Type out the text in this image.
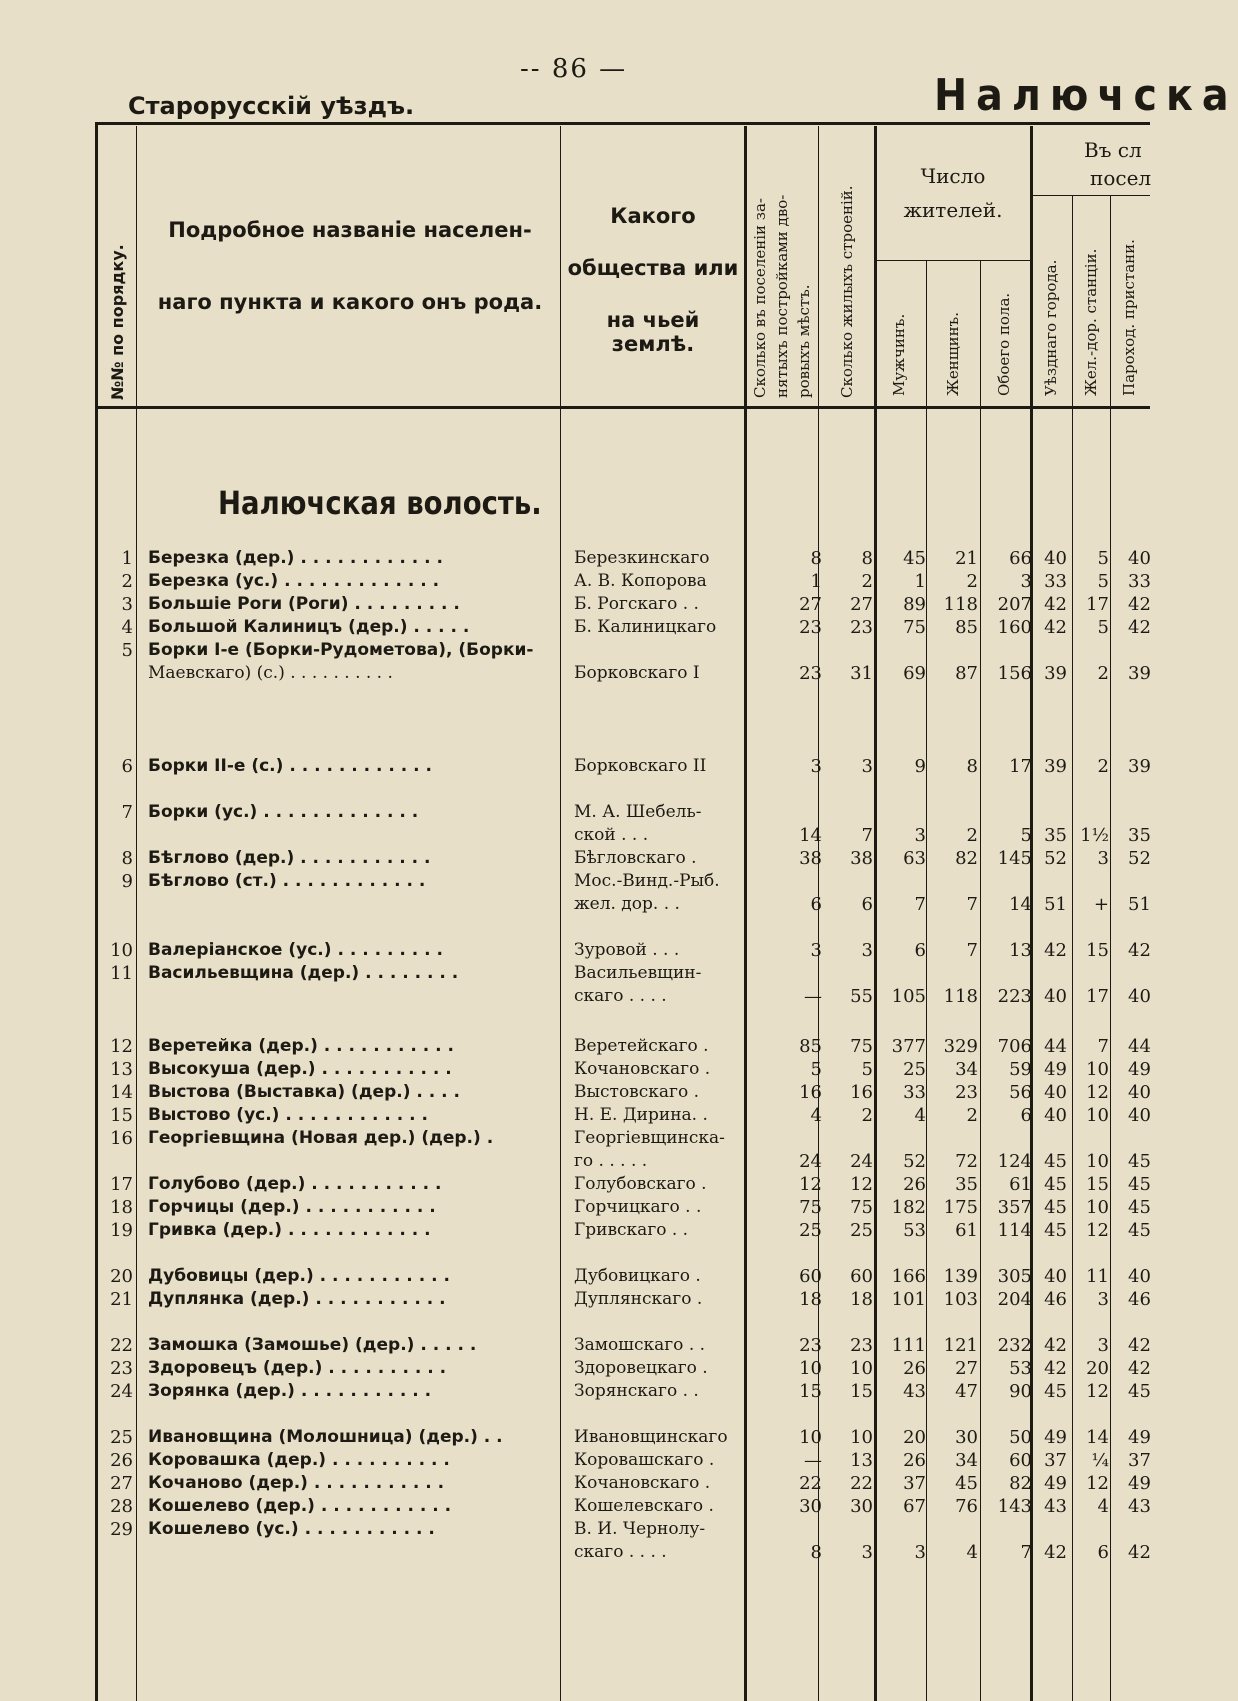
-- 86 —
Старорусскій уѣздъ.	Налючска
№№ по порядку.
Подробное названіе населен-
наго пункта и какого онъ рода.
Какого
общества или
на чьей землѣ.	Сколько въ поселеніи за- нятыхъ постройками дво- ровыхъ мѣстъ. Сколько жилыхъ строеній.
Число
жителей.
Мужчинъ. Женщинъ. Обоего пола.
Въ сл
посел
Уѣзднаго города. Жел.-дор. станціи. Пароход. пристани.
Налючская волость.
1 Березка (дер.) . . . . . . . . . . . .	Березкинскаго	8 8 45 21 66 40 5 40
2 Березка (ус.) . . . . . . . . . . . . .	А. В. Копорова	1 2 1 2 3 33 5 33
3 Большіе Роги (Роги) . . . . . . . . .	Б. Рогскаго . .	27 27 89 118 207 42 17 42
4 Большой Калиницъ (дер.) . . . . .	Б. Калиницкаго	23 23 75 85 160 42 5 42
5 Борки I-е (Борки-Рудометова), (Борки-
Маевскаго) (с.) . . . . . . . . . .	Борковскаго I	23 31 69 87 156 39 2 39
6 Борки II-е (с.) . . . . . . . . . . . .	Борковскаго II	3 3 9 8 17 39 2 39
7 Борки (ус.) . . . . . . . . . . . . .	М. А. Шебель-
ской . . .	14 7 3 2 5 35 1½ 35
8 Бѣглово (дер.) . . . . . . . . . . .	Бѣгловскаго .	38 38 63 82 145 52 3 52
9 Бѣглово (ст.) . . . . . . . . . . . .	Мос.-Винд.-Рыб.
жел. дор. . .	6 6 7 7 14 51 + 51
10 Валеріанское (ус.) . . . . . . . . .	Зуровой . . .	3 3 6 7 13 42 15 42
11 Васильевщина (дер.) . . . . . . . .	Васильевщин-
скаго . . . .	— 55 105 118 223 40 17 40
12 Веретейка (дер.) . . . . . . . . . . .	Веретейскаго .	85 75 377 329 706 44 7 44
13 Высокуша (дер.) . . . . . . . . . . .	Кочановскаго .	5 5 25 34 59 49 10 49
14 Выстова (Выставка) (дер.) . . . .	Выстовскаго .	16 16 33 23 56 40 12 40
15 Выстово (ус.) . . . . . . . . . . . .	Н. Е. Дирина. .	4 2 4 2 6 40 10 40
16 Георгіевщина (Новая дер.) (дер.) .	Георгіевщинска-
го . . . . .	24 24 52 72 124 45 10 45
17 Голубово (дер.) . . . . . . . . . . .	Голубовскаго .	12 12 26 35 61 45 15 45
18 Горчицы (дер.) . . . . . . . . . . .	Горчицкаго . .	75 75 182 175 357 45 10 45
19 Гривка (дер.) . . . . . . . . . . . .	Гривскаго . .	25 25 53 61 114 45 12 45
20 Дубовицы (дер.) . . . . . . . . . . .	Дубовицкаго .	60 60 166 139 305 40 11 40
21 Дуплянка (дер.) . . . . . . . . . . .	Дуплянскаго .	18 18 101 103 204 46 3 46
22 Замошка (Замошье) (дер.) . . . . .	Замошскаго . .	23 23 111 121 232 42 3 42
23 Здоровецъ (дер.) . . . . . . . . . .	Здоровецкаго .	10 10 26 27 53 42 20 42
24 Зорянка (дер.) . . . . . . . . . . .	Зорянскаго . .	15 15 43 47 90 45 12 45
25 Ивановщина (Молошница) (дер.) . .	Ивановщинскаго	10 10 20 30 50 49 14 49
26 Коровашка (дер.) . . . . . . . . . .	Коровашскаго .	— 13 26 34 60 37 ¼ 37
27 Кочаново (дер.) . . . . . . . . . . .	Кочановскаго .	22 22 37 45 82 49 12 49
28 Кошелево (дер.) . . . . . . . . . . .	Кошелевскаго .	30 30 67 76 143 43 4 43
29 Кошелево (ус.) . . . . . . . . . . .	В. И. Чернолу-
скаго . . . .	8 3 3 4 7 42 6 42
